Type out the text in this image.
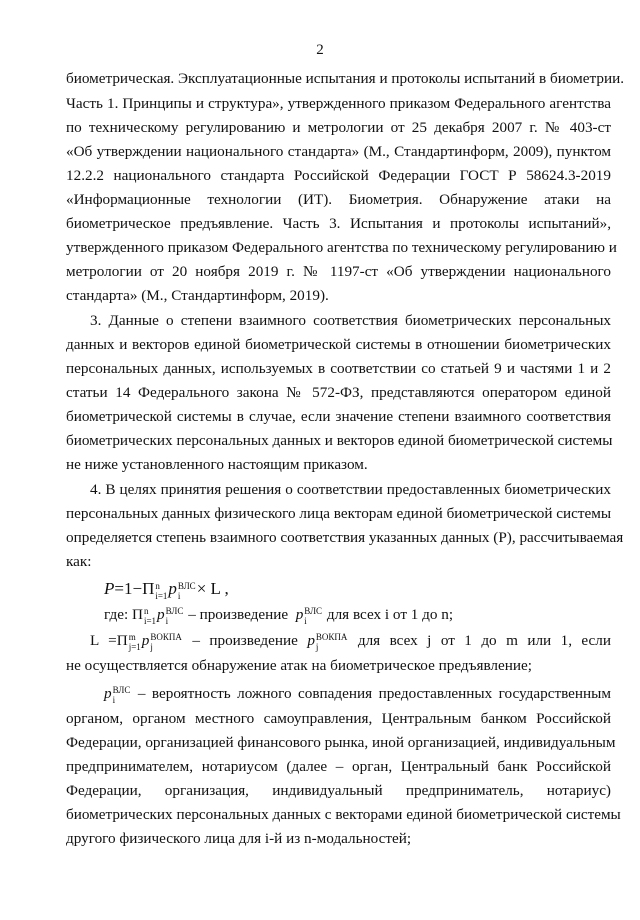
2
биометрическая. Эксплуатационные испытания и протоколы испытаний в биометрии.
Часть 1. Принципы и структура», утвержденного приказом Федерального агентства
по техническому регулированию и метрологии от 25 декабря 2007 г. № 403-ст
«Об утверждении национального стандарта» (М., Стандартинформ, 2009), пунктом
12.2.2 национального стандарта Российской Федерации ГОСТ Р 58624.3-2019
«Информационные технологии (ИТ). Биометрия. Обнаружение атаки на
биометрическое предъявление. Часть 3. Испытания и протоколы испытаний»,
утвержденного приказом Федерального агентства по техническому регулированию и
метрологии от 20 ноября 2019 г. № 1197-ст «Об утверждении национального
стандарта» (М., Стандартинформ, 2019).
3. Данные о степени взаимного соответствия биометрических персональных
данных и векторов единой биометрической системы в отношении биометрических
персональных данных, используемых в соответствии со статьей 9 и частями 1 и 2
статьи 14 Федерального закона № 572-ФЗ, представляются оператором единой
биометрической системы в случае, если значение степени взаимного соответствия
биометрических персональных данных и векторов единой биометрической системы
не ниже установленного настоящим приказом.
4. В целях принятия решения о соответствии предоставленных биометрических
персональных данных физического лица векторам единой биометрической системы
определяется степень взаимного соответствия указанных данных (P), рассчитываемая
как:
P=1−Π n
i=1 p ВЛС
i × L ,
где: Π n
i=1 p ВЛС
i	– произведение p ВЛС
i	для всех i от 1 до n;
L =Π m
j=1 p ВОКПА
j	– произведение p ВОКПА
j	для всех j от 1 до m или 1, если
не осуществляется обнаружение атак на биометрическое предъявление;
p ВЛС
i	– вероятность ложного совпадения предоставленных государственным
органом, органом местного самоуправления, Центральным банком Российской
Федерации, организацией финансового рынка, иной организацией, индивидуальным
предпринимателем, нотариусом (далее – орган, Центральный банк Российской
Федерации, организация, индивидуальный предприниматель, нотариус)
биометрических персональных данных с векторами единой биометрической системы
другого физического лица для i-й из n-модальностей;
